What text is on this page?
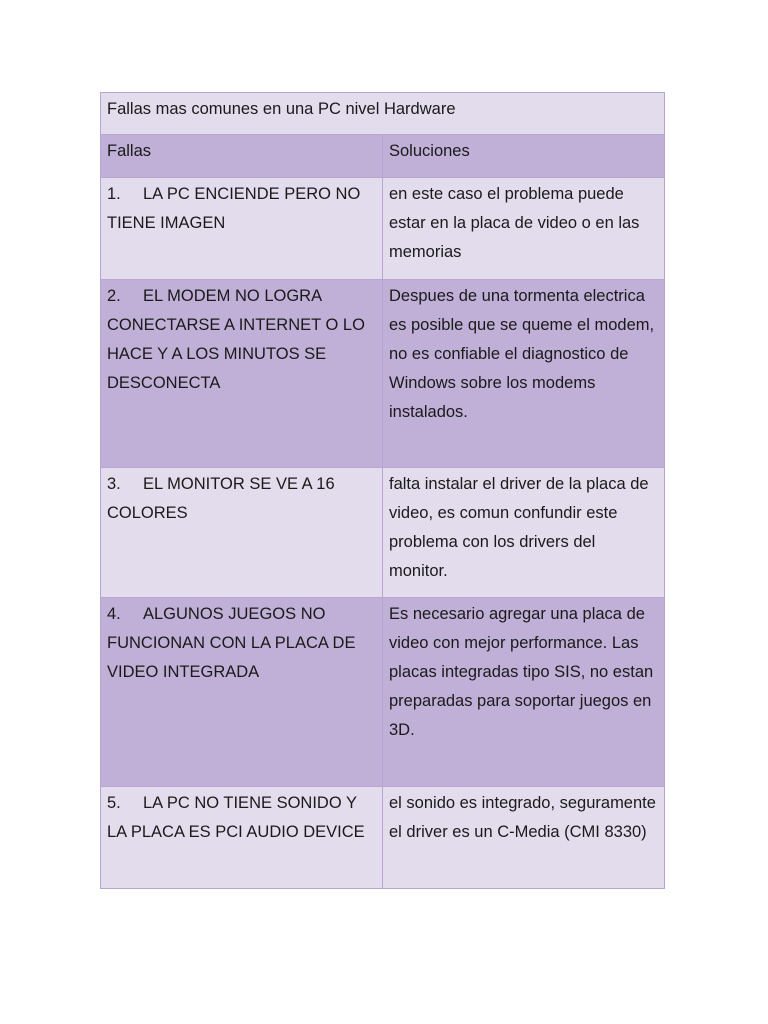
Fallas mas comunes en una PC nivel Hardware	
Fallas	Soluciones
1. LA PC ENCIENDE PERO NO TIENE IMAGEN	en este caso el problema puede estar en la placa de video o en las memorias
2. EL MODEM NO LOGRA CONECTARSE A INTERNET O LO HACE Y A LOS MINUTOS SE DESCONECTA	Despues de una tormenta electrica es posible que se queme el modem, no es confiable el diagnostico de Windows sobre los modems instalados.
3. EL MONITOR SE VE A 16 COLORES	falta instalar el driver de la placa de video, es comun confundir este problema con los drivers del monitor.
4. ALGUNOS JUEGOS NO FUNCIONAN CON LA PLACA DE VIDEO INTEGRADA	Es necesario agregar una placa de video con mejor performance. Las placas integradas tipo SIS, no estan preparadas para soportar juegos en 3D.
5. LA PC NO TIENE SONIDO Y LA PLACA ES PCI AUDIO DEVICE	el sonido es integrado, seguramente el driver es un C-Media (CMI 8330)
